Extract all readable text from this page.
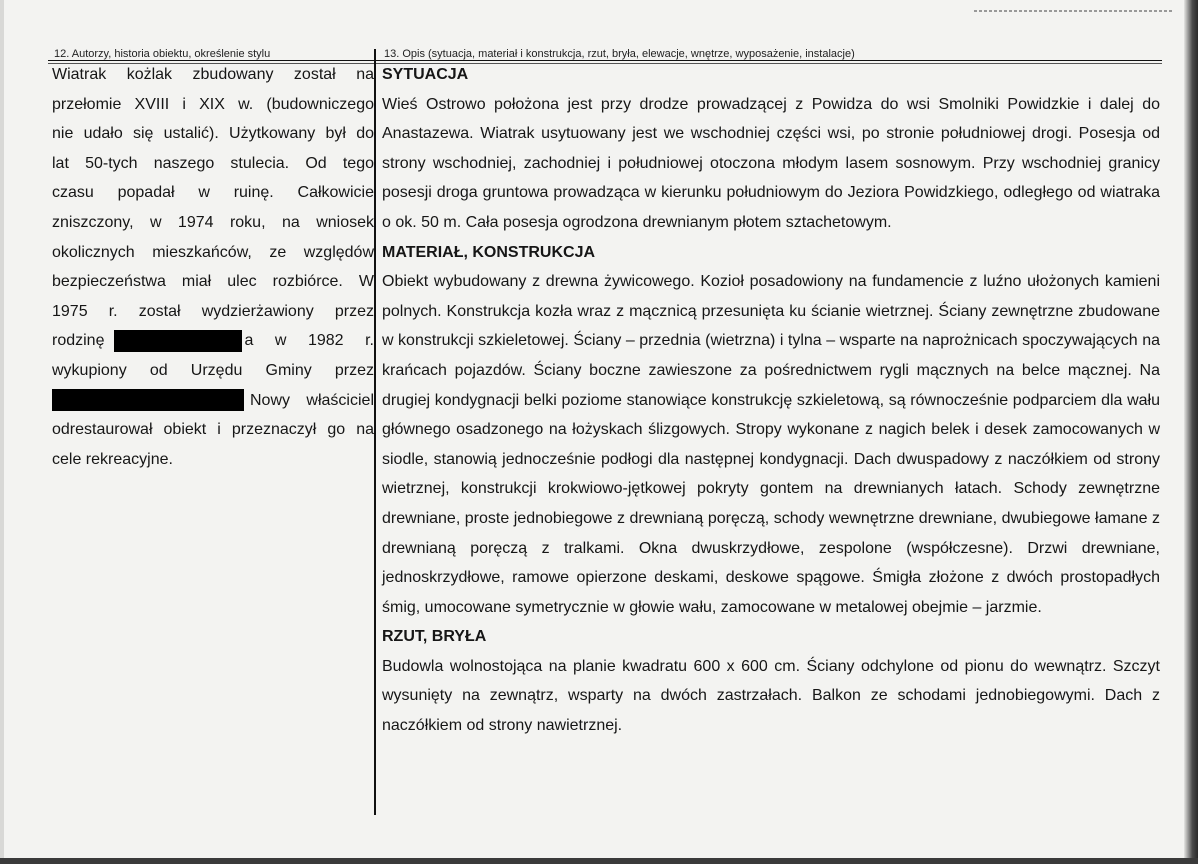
12. Autorzy, historia obiektu, określenie stylu	13. Opis (sytuacja, materiał i konstrukcja, rzut, bryła, elewacje, wnętrze, wyposażenie, instalacje)
Wiatrak kożlak zbudowany został na
przełomie XVIII i XIX w. (budowniczego
nie udało się ustalić). Użytkowany był do
lat 50-tych naszego stulecia. Od tego
czasu popadał w ruinę. Całkowicie
zniszczony, w 1974 roku, na wniosek
okolicznych mieszkańców, ze względów
bezpieczeństwa miał ulec rozbiórce. W
1975 r. został wydzierżawiony przez
rodzinę	a w 1982 r.
wykupiony od Urzędu Gminy przez
Nowy właściciel
odrestaurował obiekt i przeznaczył go na
cele rekreacyjne.
SYTUACJA
Wieś Ostrowo położona jest przy drodze prowadzącej z Powidza do wsi Smolniki Powidzkie i dalej do Anastazewa. Wiatrak usytuowany jest we wschodniej części wsi, po stronie południowej drogi. Posesja od strony wschodniej, zachodniej i południowej otoczona młodym lasem sosnowym. Przy wschodniej granicy posesji droga gruntowa prowadząca w kierunku południowym do Jeziora Powidzkiego, odległego od wiatraka o ok. 50 m. Cała posesja ogrodzona drewnianym płotem sztachetowym.
MATERIAŁ, KONSTRUKCJA
Obiekt wybudowany z drewna żywicowego. Kozioł posadowiony na fundamencie z luźno ułożonych kamieni polnych. Konstrukcja kozła wraz z mącznicą przesunięta ku ścianie wietrznej. Ściany zewnętrzne zbudowane w konstrukcji szkieletowej. Ściany – przednia (wietrzna) i tylna – wsparte na naprożnicach spoczywających na krańcach pojazdów. Ściany boczne zawieszone za pośrednictwem rygli mącznych na belce mącznej. Na drugiej kondygnacji belki poziome stanowiące konstrukcję szkieletową, są równocześnie podparciem dla wału głównego osadzonego na łożyskach ślizgowych. Stropy wykonane z nagich belek i desek zamocowanych w siodle, stanowią jednocześnie podłogi dla następnej kondygnacji. Dach dwuspadowy z naczółkiem od strony wietrznej, konstrukcji krokwiowo-jętkowej pokryty gontem na drewnianych łatach. Schody zewnętrzne drewniane, proste jednobiegowe z drewnianą poręczą, schody wewnętrzne drewniane, dwubiegowe łamane z drewnianą poręczą z tralkami. Okna dwuskrzydłowe, zespolone (współczesne). Drzwi drewniane, jednoskrzydłowe, ramowe opierzone deskami, deskowe spągowe. Śmigła złożone z dwóch prostopadłych śmig, umocowane symetrycznie w głowie wału, zamocowane w metalowej obejmie – jarzmie.
RZUT, BRYŁA
Budowla wolnostojąca na planie kwadratu 600 x 600 cm. Ściany odchylone od pionu do wewnątrz. Szczyt wysunięty na zewnątrz, wsparty na dwóch zastrzałach. Balkon ze schodami jednobiegowymi. Dach z naczółkiem od strony nawietrznej.
